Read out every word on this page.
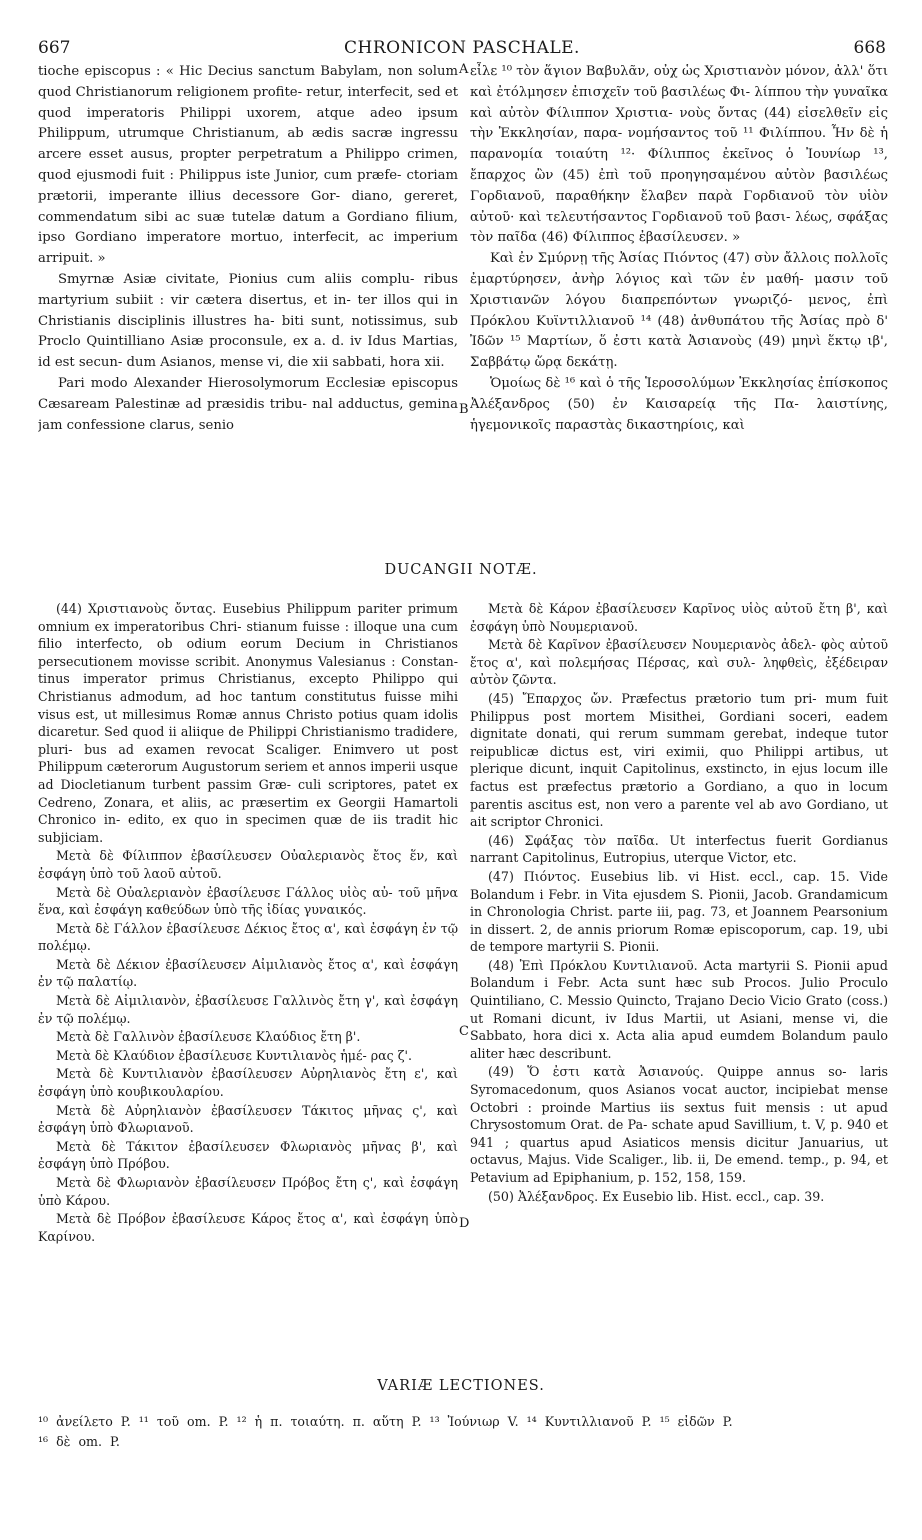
667	CHRONICON PASCHALE.	668

tioche episcopus : « Hic Decius sanctum Babylam, non solum quod Christianorum religionem profite- retur, interfecit, sed et quod imperatoris Philippi uxorem, atque adeo ipsum Philippum, utrumque Christianum, ab ædis sacræ ingressu arcere esset ausus, propter perpetratum a Philippo crimen, quod ejusmodi fuit : Philippus iste Junior, cum præfe- ctoriam prætorii, imperante illius decessore Gor- diano, gereret, commendatum sibi ac suæ tutelæ datum a Gordiano filium, ipso Gordiano imperatore mortuo, interfecit, ac imperium arripuit. »

Smyrnæ Asiæ civitate, Pionius cum aliis complu- ribus martyrium subiit : vir cætera disertus, et in- ter illos qui in Christianis disciplinis illustres ha- biti sunt, notissimus, sub Proclo Quintilliano Asiæ proconsule, ex a. d. iv Idus Martias, id est secun- dum Asianos, mense vi, die xii sabbati, hora xii.

Pari modo Alexander Hierosolymorum Ecclesiæ episcopus Cæsaream Palestinæ ad præsidis tribu- nal adductus, gemina jam confessione clarus, senio

A
B

εἶλε ¹⁰ τὸν ἅγιον Βαβυλᾶν, οὐχ ὡς Χριστιανὸν μόνον, ἀλλ' ὅτι καὶ ἐτόλμησεν ἐπισχεῖν τοῦ βασιλέως Φι- λίππου τὴν γυναῖκα καὶ αὐτὸν Φίλιππον Χριστια- νοὺς ὄντας (44) εἰσελθεῖν εἰς τὴν Ἐκκλησίαν, παρα- νομήσαντος τοῦ ¹¹ Φιλίππου. Ἦν δὲ ἡ παρανομία τοιαύτη ¹²· Φίλιππος ἐκεῖνος ὁ Ἰουνίωρ ¹³, ἔπαρχος ὢν (45) ἐπὶ τοῦ προηγησαμένου αὐτὸν βασιλέως Γορδιανοῦ, παραθήκην ἔλαβεν παρὰ Γορδιανοῦ τὸν υἱὸν αὐτοῦ· καὶ τελευτήσαντος Γορδιανοῦ τοῦ βασι- λέως, σφάξας τὸν παῖδα (46) Φίλιππος ἐβασίλευσεν. »

Καὶ ἐν Σμύρνῃ τῆς Ἀσίας Πιόντος (47) σὺν ἄλλοις πολλοῖς ἐμαρτύρησεν, ἀνὴρ λόγιος καὶ τῶν ἐν μαθή- μασιν τοῦ Χριστιανῶν λόγου διαπρεπόντων γνωριζό- μενος, ἐπὶ Πρόκλου Κυϊντιλλιανοῦ ¹⁴ (48) ἀνθυπάτου τῆς Ἀσίας πρὸ δ' Ἰδῶν ¹⁵ Μαρτίων, ὅ ἐστι κατὰ Ἀσιανοὺς (49) μηνὶ ἕκτῳ ιβ', Σαββάτῳ ὥρᾳ δεκάτῃ.

Ὁμοίως δὲ ¹⁶ καὶ ὁ τῆς Ἱεροσολύμων Ἐκκλησίας ἐπίσκοπος Ἀλέξανδρος (50) ἐν Καισαρείᾳ τῆς Πα- λαιστίνης, ἡγεμονικοῖς παραστὰς δικαστηρίοις, καὶ

DUCANGII NOTÆ.

(44) Χριστιανοὺς ὄντας. Eusebius Philippum pariter primum omnium ex imperatoribus Chri- stianum fuisse : illoque una cum filio interfecto, ob odium eorum Decium in Christianos persecutionem movisse scribit. Anonymus Valesianus : Constan- tinus imperator primus Christianus, excepto Philippo qui Christianus admodum, ad hoc tantum constitutus fuisse mihi visus est, ut millesimus Romæ annus Christo potius quam idolis dicaretur. Sed quod ii aliique de Philippi Christianismo tradidere, pluri- bus ad examen revocat Scaliger. Enimvero ut post Philippum cæterorum Augustorum seriem et annos imperii usque ad Diocletianum turbent passim Græ- culi scriptores, patet ex Cedreno, Zonara, et aliis, ac præsertim ex Georgii Hamartoli Chronico in- edito, ex quo in specimen quæ de iis tradit hic subjiciam.

Μετὰ δὲ Φίλιππον ἐβασίλευσεν Οὐαλεριανὸς ἔτος ἕν, καὶ ἐσφάγη ὑπὸ τοῦ λαοῦ αὐτοῦ.

Μετὰ δὲ Οὐαλεριανὸν ἐβασίλευσε Γάλλος υἱὸς αὐ- τοῦ μῆνα ἕνα, καὶ ἐσφάγη καθεύδων ὑπὸ τῆς ἰδίας γυναικός.

Μετὰ δὲ Γάλλον ἐβασίλευσε Δέκιος ἔτος α', καὶ ἐσφάγη ἐν τῷ πολέμῳ.

Μετὰ δὲ Δέκιον ἐβασίλευσεν Αἰμιλιανὸς ἔτος α', καὶ ἐσφάγη ἐν τῷ παλατίῳ.

Μετὰ δὲ Αἰμιλιανὸν, ἐβασίλευσε Γαλλινὸς ἔτη γ', καὶ ἐσφάγη ἐν τῷ πολέμῳ.

Μετὰ δὲ Γαλλινὸν ἐβασίλευσε Κλαύδιος ἔτη β'.

Μετὰ δὲ Κλαύδιον ἐβασίλευσε Κυντιλιανὸς ἡμέ- ρας ζ'.

Μετὰ δὲ Κυντιλιανὸν ἐβασίλευσεν Αὐρηλιανὸς ἔτη ε', καὶ ἐσφάγη ὑπὸ κουβικουλαρίου.

Μετὰ δὲ Αὐρηλιανὸν ἐβασίλευσεν Τάκιτος μῆνας ς', καὶ ἐσφάγη ὑπὸ Φλωριανοῦ.

Μετὰ δὲ Τάκιτον ἐβασίλευσεν Φλωριανὸς μῆνας β', καὶ ἐσφάγη ὑπὸ Πρόβου.

Μετὰ δὲ Φλωριανὸν ἐβασίλευσεν Πρόβος ἔτη ς', καὶ ἐσφάγη ὑπὸ Κάρου.

Μετὰ δὲ Πρόβον ἐβασίλευσε Κάρος ἔτος α', καὶ ἐσφάγη ὑπὸ Καρίνου.

C
D

Μετὰ δὲ Κάρον ἐβασίλευσεν Καρῖνος υἱὸς αὐτοῦ ἔτη β', καὶ ἐσφάγη ὑπὸ Νουμεριανοῦ.

Μετὰ δὲ Καρῖνον ἐβασίλευσεν Νουμεριανὸς ἀδελ- φὸς αὐτοῦ ἔτος α', καὶ πολεμήσας Πέρσας, καὶ συλ- ληφθεὶς, ἐξέδειραν αὐτὸν ζῶντα.

(45) Ἔπαρχος ὤν. Præfectus prætorio tum pri- mum fuit Philippus post mortem Misithei, Gordiani soceri, eadem dignitate donati, qui rerum summam gerebat, indeque tutor reipublicæ dictus est, viri eximii, quo Philippi artibus, ut plerique dicunt, inquit Capitolinus, exstincto, in ejus locum ille factus est præfectus prætorio a Gordiano, a quo in locum parentis ascitus est, non vero a parente vel ab avo Gordiano, ut ait scriptor Chronici.

(46) Σφάξας τὸν παῖδα. Ut interfectus fuerit Gordianus narrant Capitolinus, Eutropius, uterque Victor, etc.

(47) Πιόντος. Eusebius lib. vi Hist. eccl., cap. 15. Vide Bolandum i Febr. in Vita ejusdem S. Pionii, Jacob. Grandamicum in Chronologia Christ. parte iii, pag. 73, et Joannem Pearsonium in dissert. 2, de annis priorum Romæ episcoporum, cap. 19, ubi de tempore martyrii S. Pionii.

(48) Ἐπὶ Πρόκλου Κυντιλιανοῦ. Acta martyrii S. Pionii apud Bolandum i Febr. Acta sunt hæc sub Procos. Julio Proculo Quintiliano, C. Messio Quincto, Trajano Decio Vicio Grato (coss.) ut Romani dicunt, iv Idus Martii, ut Asiani, mense vi, die Sabbato, hora dici x. Acta alia apud eumdem Bolandum paulo aliter hæc describunt.

(49) Ὅ ἐστι κατὰ Ἀσιανούς. Quippe annus so- laris Syromacedonum, quos Asianos vocat auctor, incipiebat mense Octobri : proinde Martius iis sextus fuit mensis : ut apud Chrysostomum Orat. de Pa- schate apud Savillium, t. V, p. 940 et 941 ; quartus apud Asiaticos mensis dicitur Januarius, ut octavus, Majus. Vide Scaliger., lib. ii, De emend. temp., p. 94, et Petavium ad Epiphanium, p. 152, 158, 159.

(50) Ἀλέξανδρος. Ex Eusebio lib. Hist. eccl., cap. 39.

VARIÆ LECTIONES.
¹⁰ ἀνείλετο P. ¹¹ τοῦ om. P. ¹² ἡ π. τοιαύτη. π. αὕτη P. ¹³ Ἰούνιωρ V. ¹⁴ Κυντιλλιανοῦ P. ¹⁵ εἰδῶν P.
¹⁶ δὲ om. P.
